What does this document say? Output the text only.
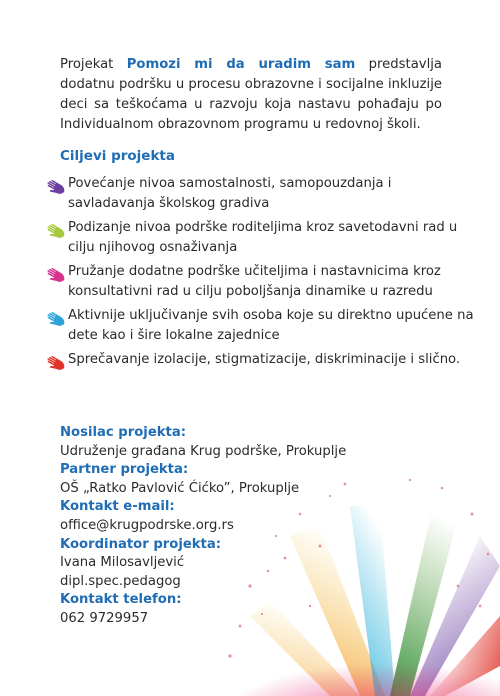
Projekat Pomozi mi da uradim sam predstavlja dodatnu podršku u procesu obrazovne i socijalne inkluzije deci sa teškoćama u razvoju koja nastavu pohađaju po Individualnom obrazovnom programu u redovnoj školi.

Ciljevi projekta
Povećanje nivoa samostalnosti, samopouzdanja i savladavanja školskog gradiva
Podizanje nivoa podrške roditeljima kroz savetodavni rad u cilju njihovog osnaživanja
Pružanje dodatne podrške učiteljima i nastavnicima kroz konsultativni rad u cilju poboljšanja dinamike u razredu
Aktivnije uključivanje svih osoba koje su direktno upućene na dete kao i šire lokalne zajednice
Sprečavanje izolacije, stigmatizacije, diskriminacije i slično.
Nosilac projekta:
Udruženje građana Krug podrške, Prokuplje
Partner projekta:
OŠ „Ratko Pavlović Ćićko”, Prokuplje
Kontakt e-mail:
office@krugpodrske.org.rs
Koordinator projekta:
Ivana Milosavljević
dipl.spec.pedagog
Kontakt telefon:
062 9729957
